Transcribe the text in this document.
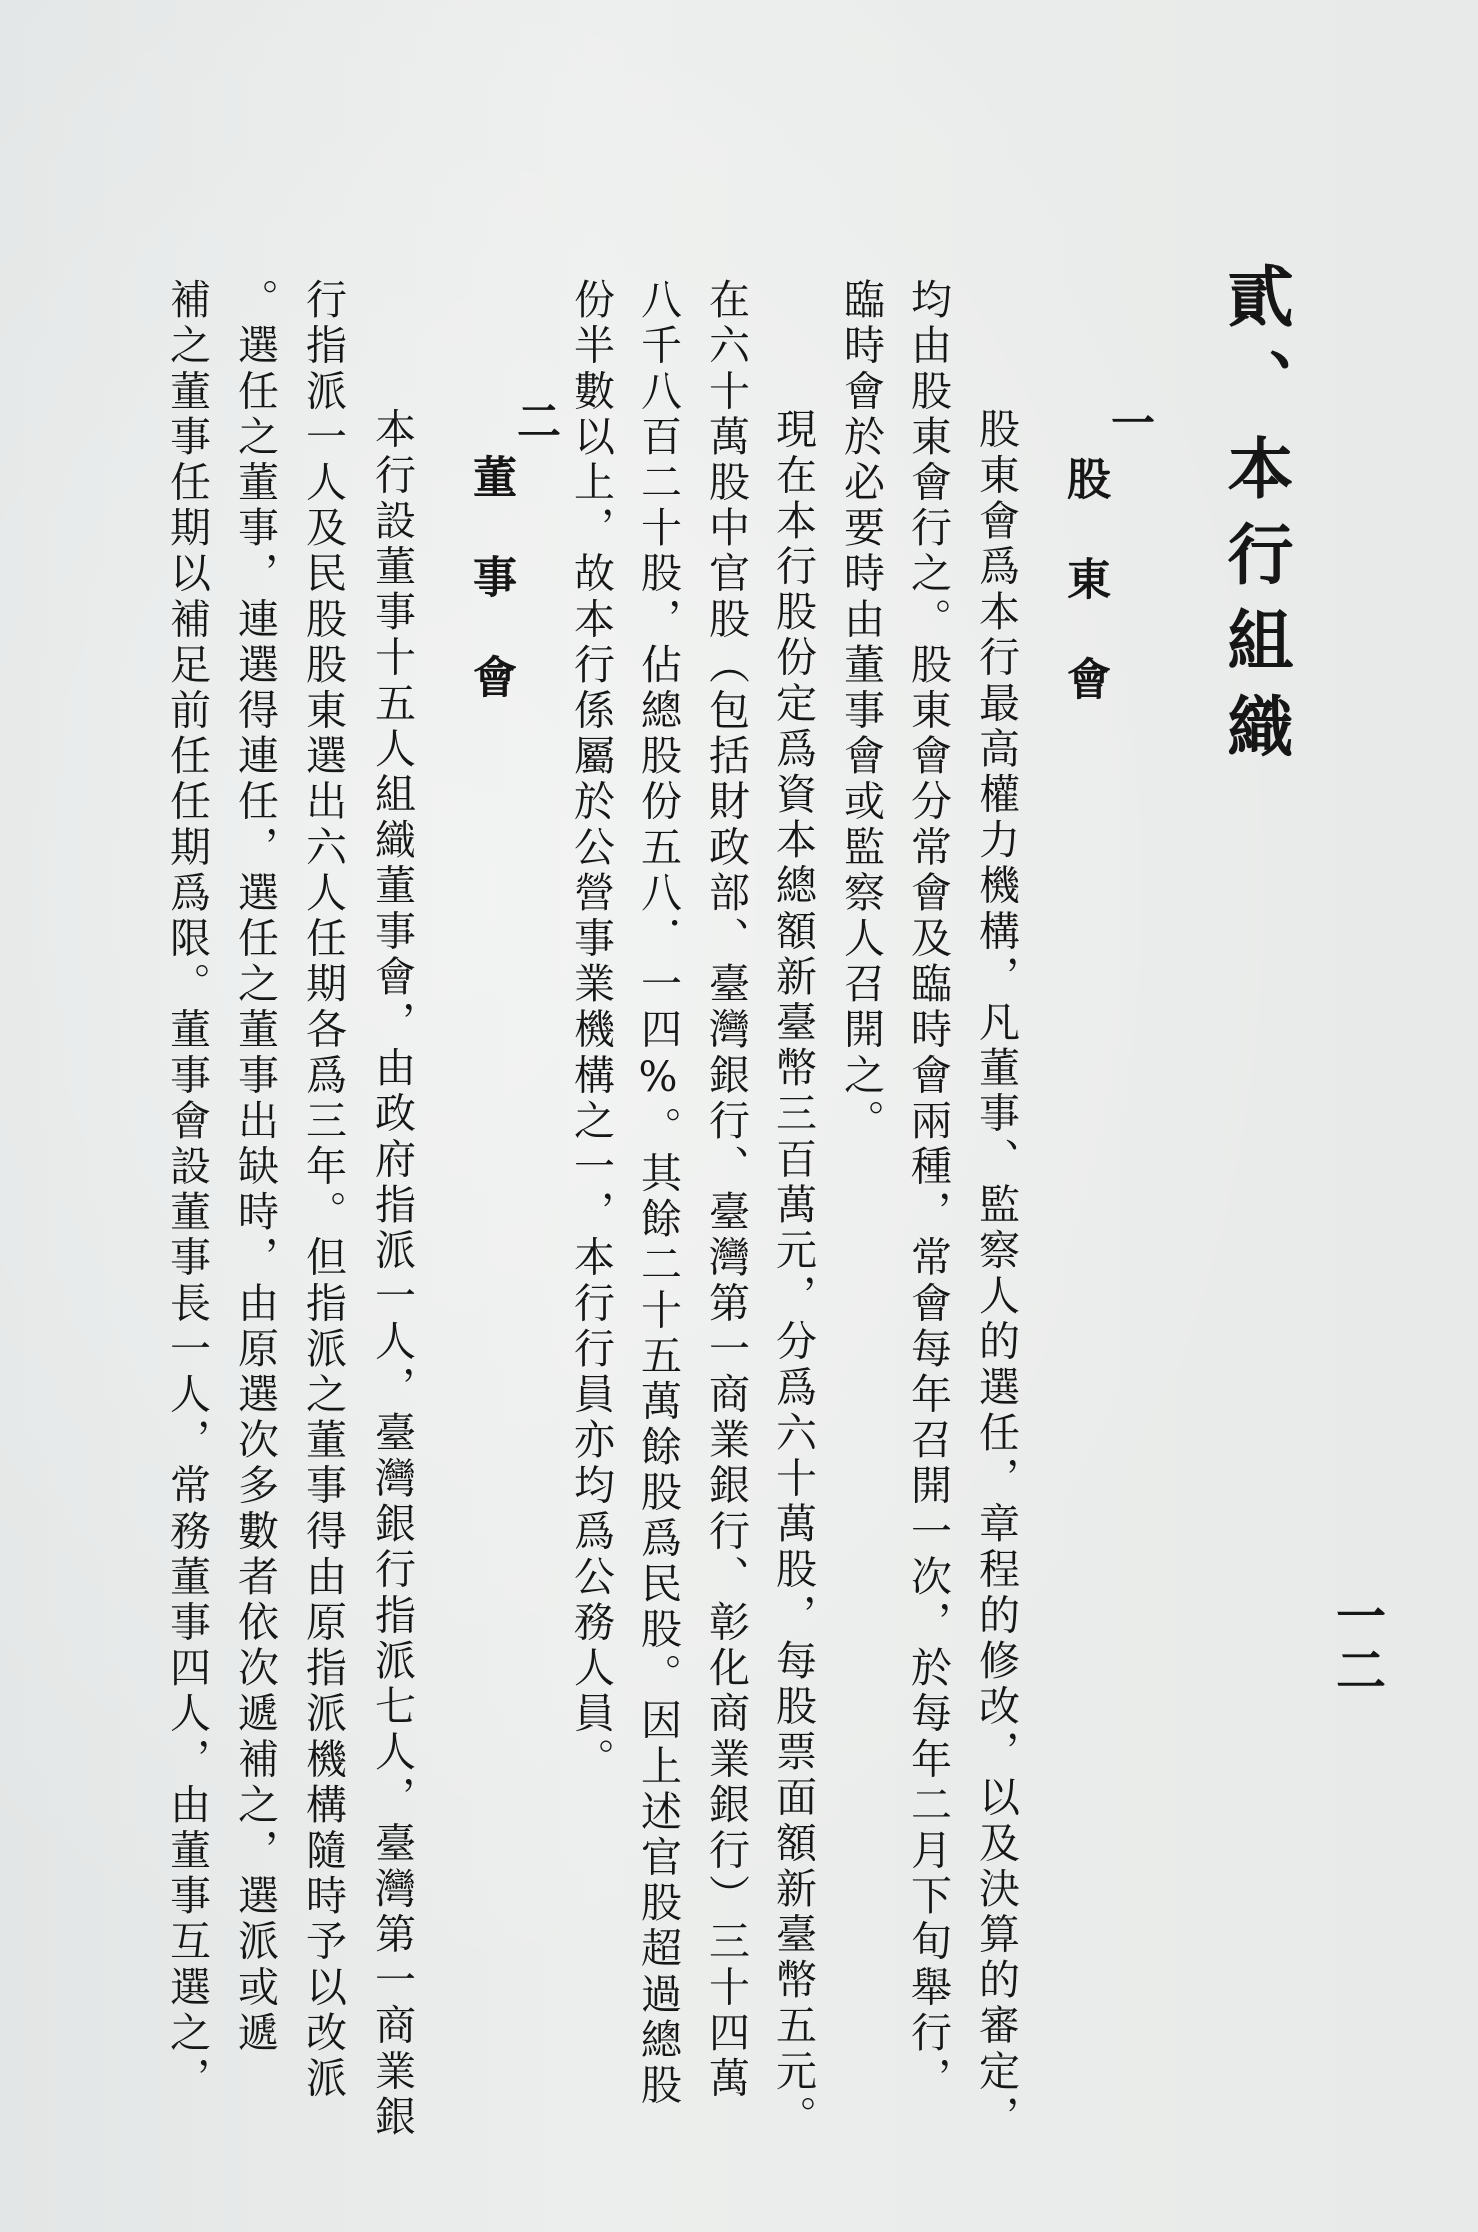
貳、本行組織
一
股東會
　股東會爲本行最高權力機構，凡董事、監察人的選任，章程的修改，以及決算的審定，
均由股東會行之。股東會分常會及臨時會兩種，常會每年召開一次，於每年二月下旬舉行，
臨時會於必要時由董事會或監察人召開之。
　現在本行股份定爲資本總額新臺幣三百萬元，分爲六十萬股，每股票面額新臺幣五元。
在六十萬股中官股（包括財政部、臺灣銀行、臺灣第一商業銀行、彰化商業銀行）三十四萬
八千八百二十股，佔總股份五八．一四%。其餘二十五萬餘股爲民股。因上述官股超過總股
份半數以上，故本行係屬於公營事業機構之一，本行行員亦均爲公務人員。
二
董事會
　本行設董事十五人組織董事會，由政府指派一人，臺灣銀行指派七人，臺灣第一商業銀
行指派一人及民股股東選出六人任期各爲三年。但指派之董事得由原指派機構隨時予以改派
。選任之董事，連選得連任，選任之董事出缺時，由原選次多數者依次遞補之，選派或遞
補之董事任期以補足前任任期爲限。董事會設董事長一人，常務董事四人，由董事互選之，	一二
